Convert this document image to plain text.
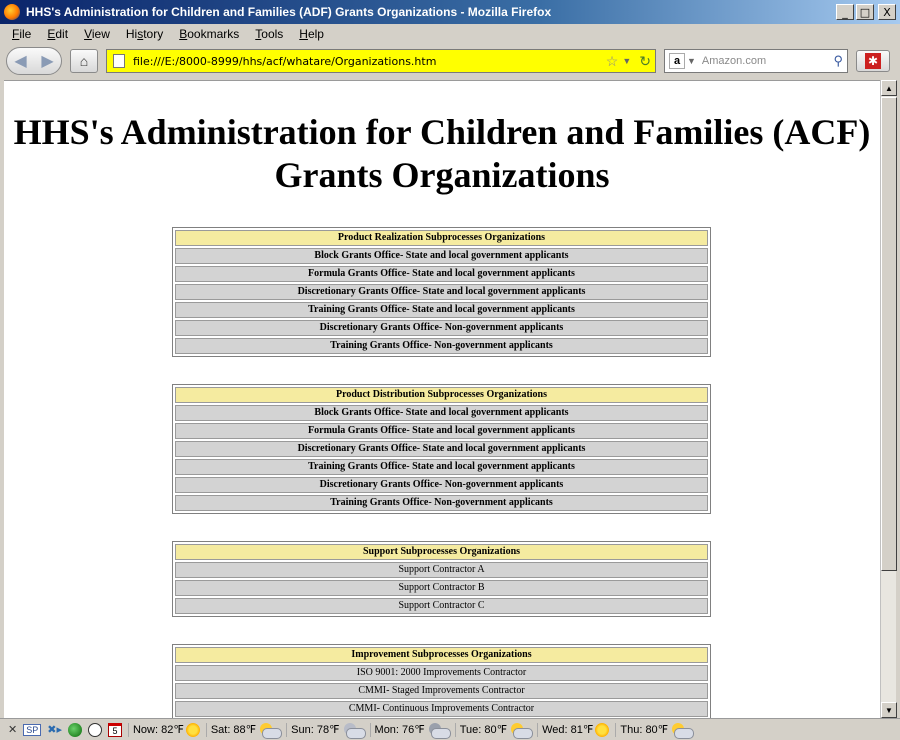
HHS's Administration for Children and Families (ADF) Grants Organizations - Mozilla Firefox	_	□	X
File	Edit	View	History	Bookmarks	Tools	Help
◀ ▶ ⌂	file:///E:/8000-8999/hhs/acf/whatare/Organizations.htm	☆ ▼ ↻	a ▼ Amazon.com	⚲ ✱
HHS's Administration for Children and Families (ACF)
Grants Organizations
Product Realization Subprocesses Organizations
Block Grants Office- State and local government applicants
Formula Grants Office- State and local government applicants
Discretionary Grants Office- State and local government applicants
Training Grants Office- State and local government applicants
Discretionary Grants Office- Non-government applicants
Training Grants Office- Non-government applicants
Product Distribution Subprocesses Organizations
Block Grants Office- State and local government applicants
Formula Grants Office- State and local government applicants
Discretionary Grants Office- State and local government applicants
Training Grants Office- State and local government applicants
Discretionary Grants Office- Non-government applicants
Training Grants Office- Non-government applicants
Support Subprocesses Organizations
Support Contractor A
Support Contractor B
Support Contractor C
Improvement Subprocesses Organizations
ISO 9001: 2000 Improvements Contractor
CMMI- Staged Improvements Contractor
CMMI- Continuous Improvements Contractor
▲
▼
✕	SP ✖▸	5	Now: 82℉ Sat: 88℉	Sun: 78℉	Mon: 76℉	Tue: 80℉	Wed: 81℉ Thu: 80℉
